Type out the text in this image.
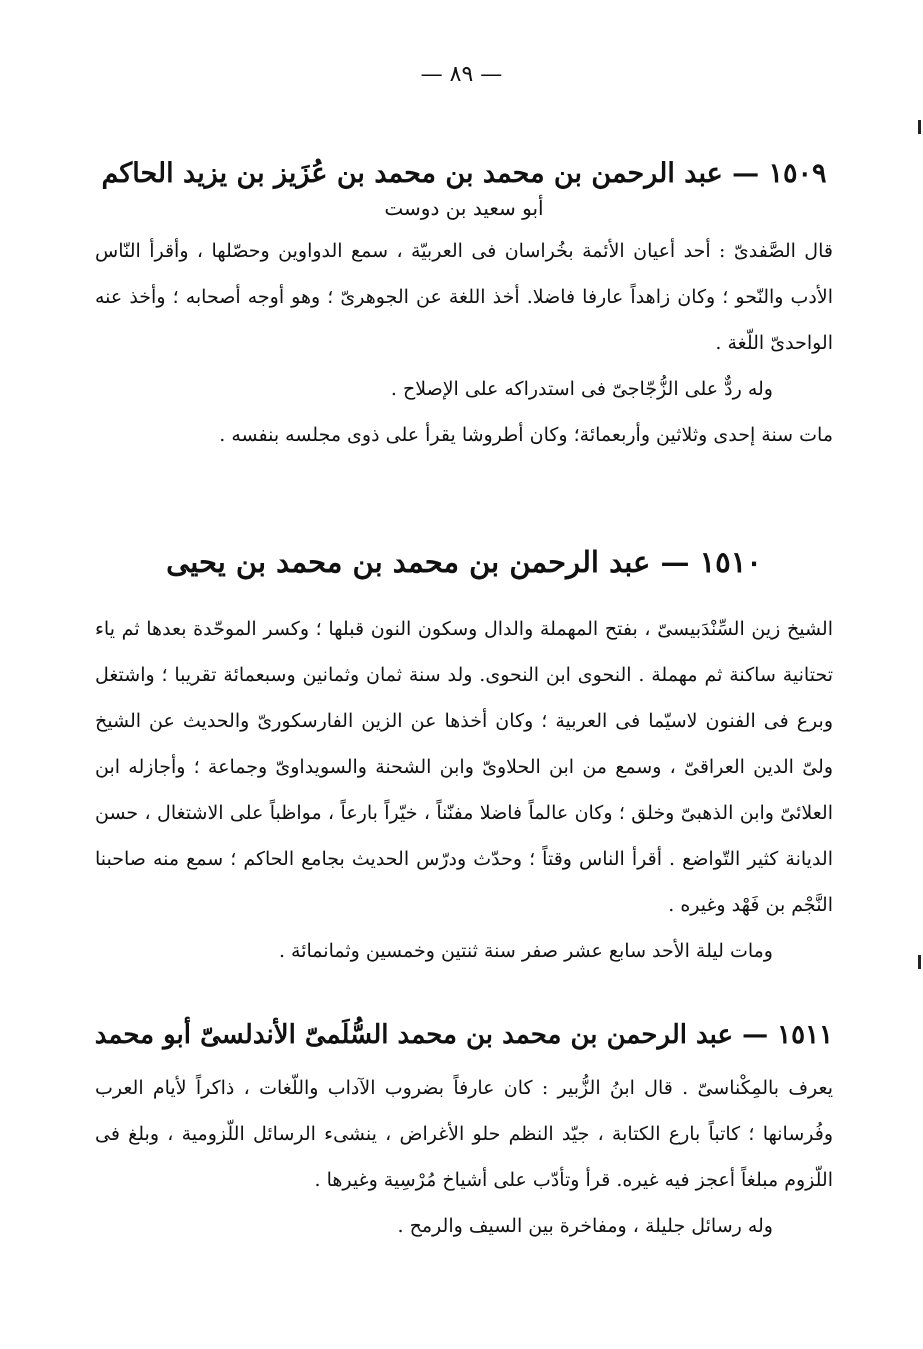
— ٨٩ —
١٥٠٩ — عبد الرحمن بن محمد بن محمد بن عُزَيز بن يزيد الحاكم
أبو سعيد بن دوست

قال الصَّفدىّ : أحد أعيان الأئمة بخُراسان فى العربيّة ، سمع الدواوين وحصّلها ، وأقرأ النّاس الأدب والنّحو ؛ وكان زاهداً عارفا فاضلا. أخذ اللغة عن الجوهرىّ ؛ وهو أوجه أصحابه ؛ وأخذ عنه الواحدىّ اللّغة .

وله ردٌّ على الزُّجّاجىّ فى استدراكه على الإصلاح .

مات سنة إحدى وثلاثين وأربعمائة؛ وكان أطروشا يقرأ على ذوى مجلسه بنفسه .

١٥١٠ — عبد الرحمن بن محمد بن محمد بن يحيى

الشيخ زين السِّنْدَبيسىّ ، بفتح المهملة والدال وسكون النون قبلها ؛ وكسر الموحّدة بعدها ثم ياء تحتانية ساكنة ثم مهملة . النحوى ابن النحوى. ولد سنة ثمان وثمانين وسبعمائة تقريبا ؛ واشتغل وبرع فى الفنون لاسيّما فى العربية ؛ وكان أخذها عن الزين الفارسكورىّ والحديث عن الشيخ ولىّ الدين العراقىّ ، وسمع من ابن الحلاوىّ وابن الشحنة والسويداوىّ وجماعة ؛ وأجازله ابن العلائىّ وابن الذهبىّ وخلق ؛ وكان عالماً فاضلا مفنّناً ، خيّراً بارعاً ، مواظباً على الاشتغال ، حسن الديانة كثير التّواضع . أقرأ الناس وقتاً ؛ وحدّث ودرّس الحديث بجامع الحاكم ؛ سمع منه صاحبنا النَّجْم بن فَهْد وغيره .

ومات ليلة الأحد سابع عشر صفر سنة ثنتين وخمسين وثمانمائة .

١٥١١ — عبد الرحمن بن محمد بن محمد السُّلَمىّ الأندلسىّ أبو محمد

يعرف بالمِكْناسىّ . قال ابنُ الزُّبير : كان عارفاً بضروب الآداب واللّغات ، ذاكراً لأيام العرب وفُرسانها ؛ كاتباً بارع الكتابة ، جيّد النظم حلو الأغراض ، ينشىء الرسائل اللّزومية ، وبلغ فى اللّزوم مبلغاً أعجز فيه غيره. قرأ وتأدّب على أشياخ مُرْسِية وغيرها .

وله رسائل جليلة ، ومفاخرة بين السيف والرمح .
